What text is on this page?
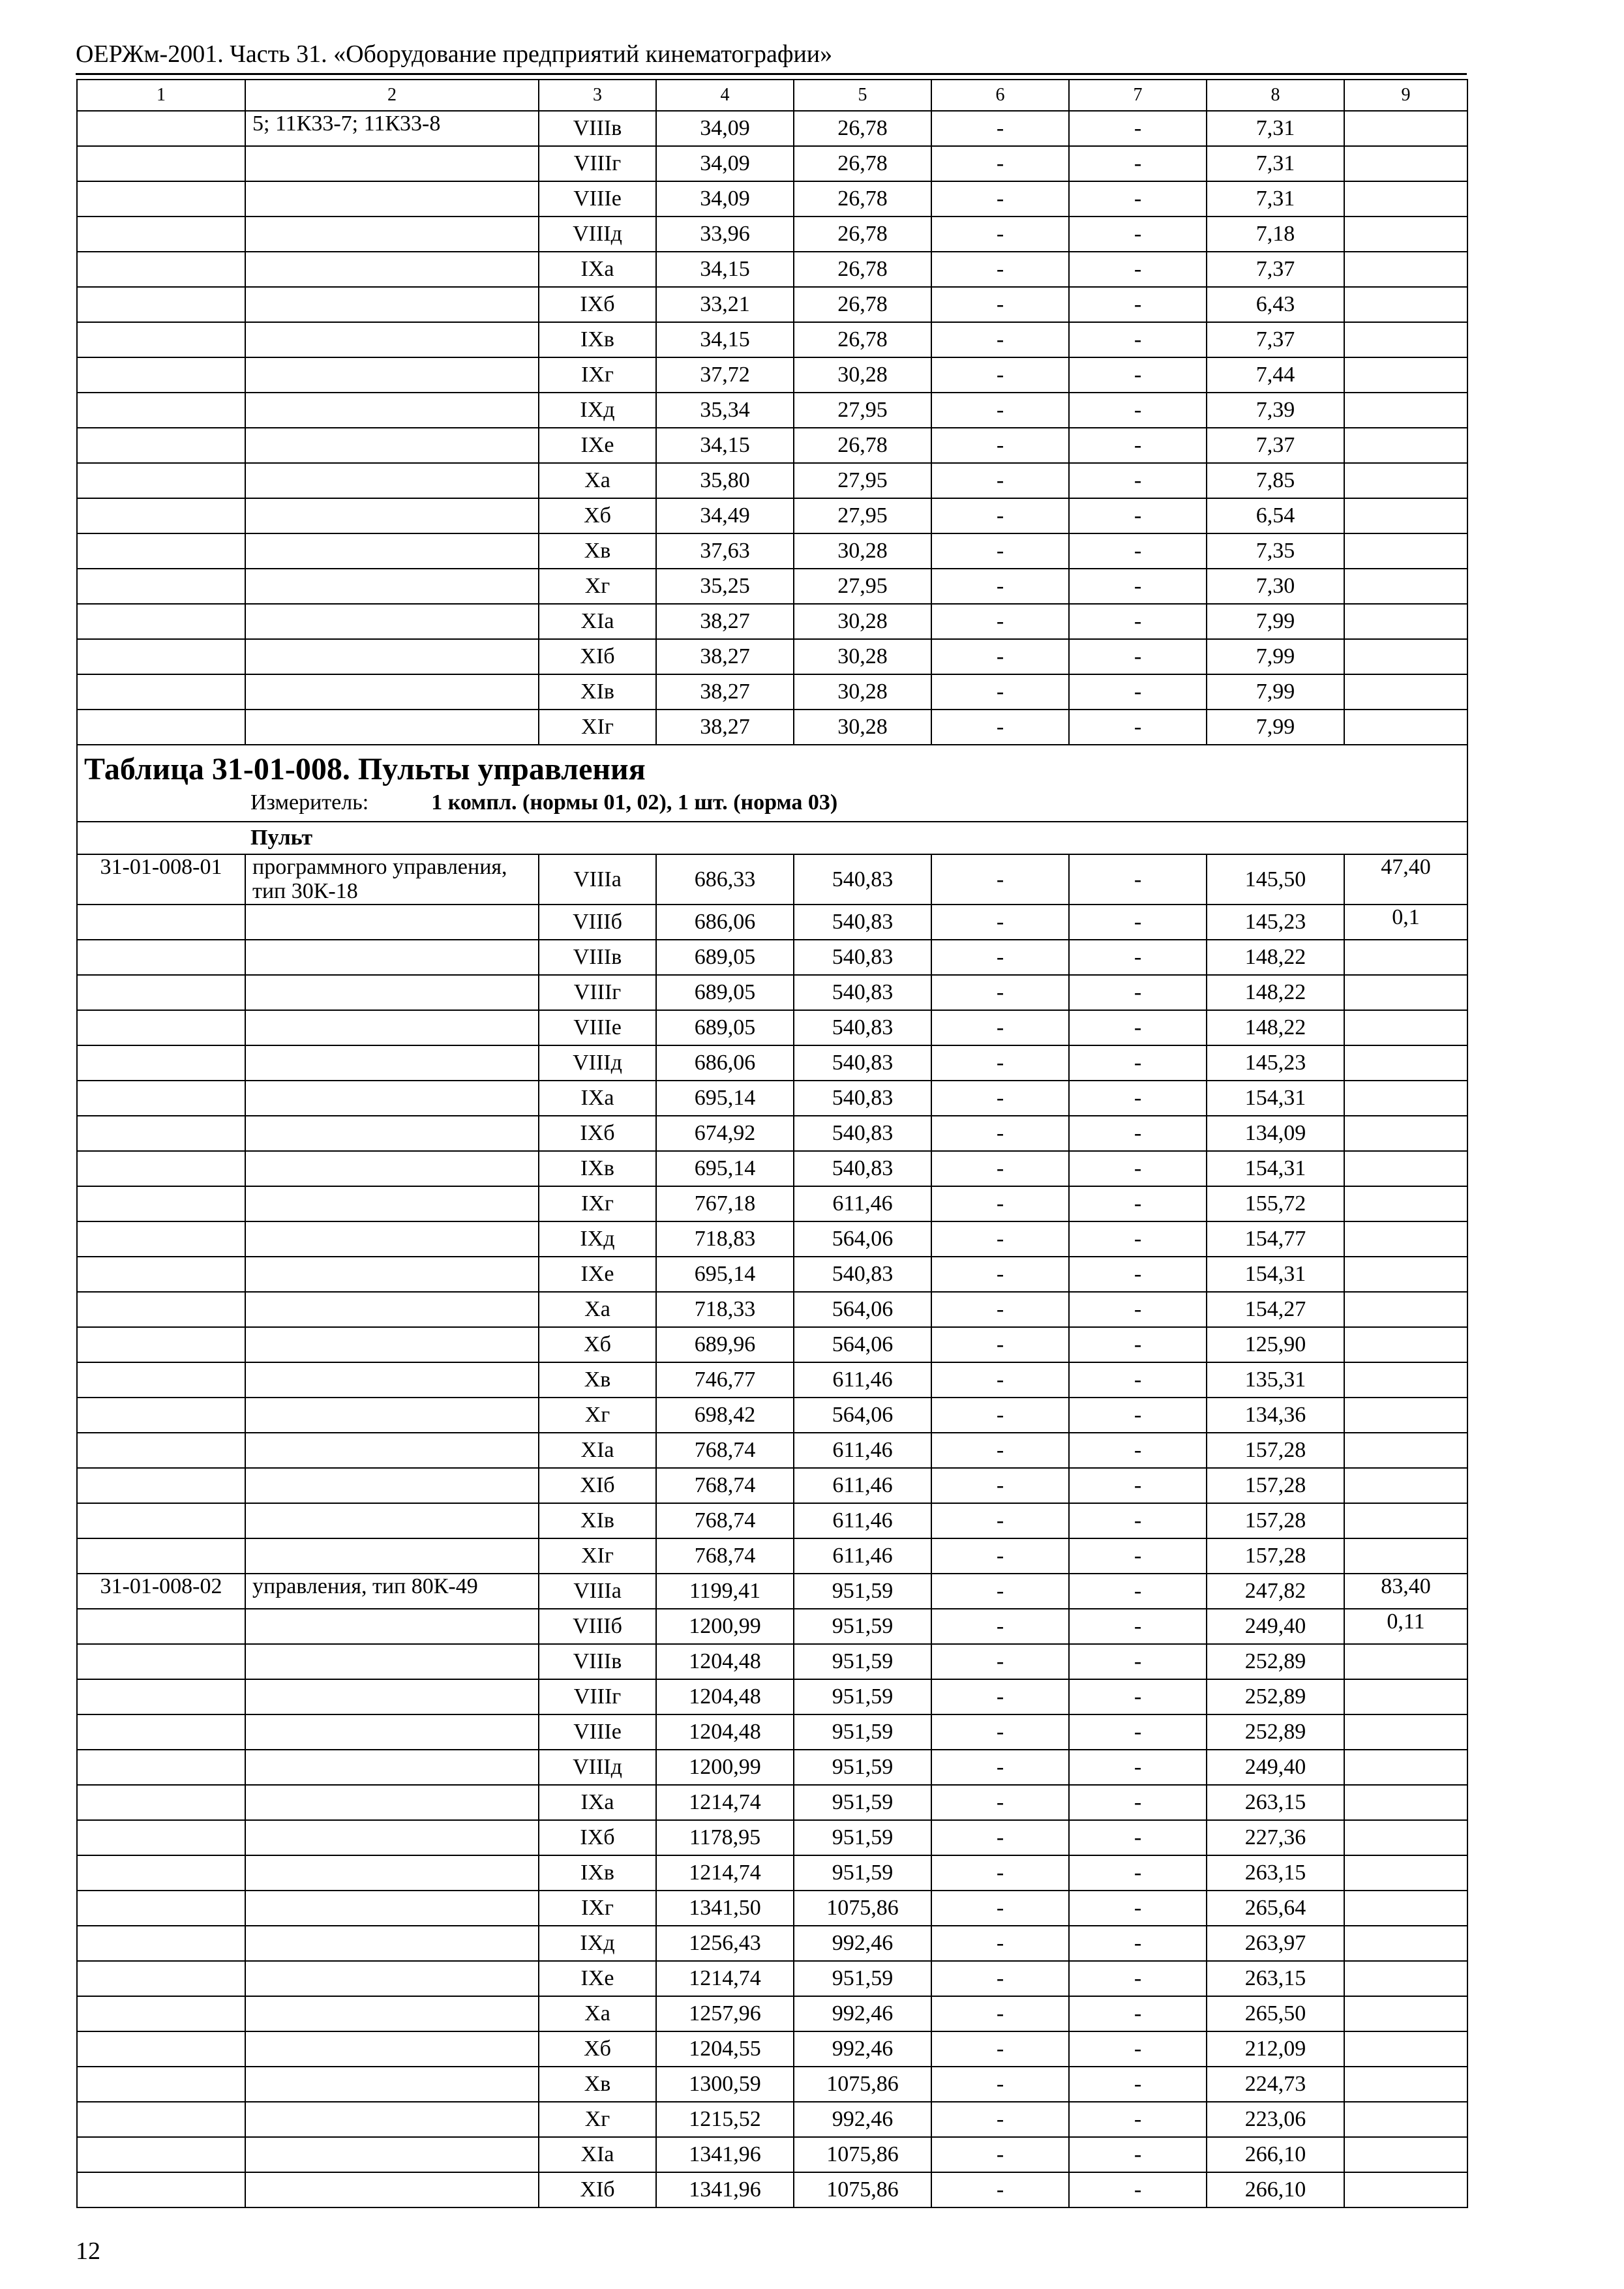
ОЕРЖм-2001. Часть 31. «Оборудование предприятий кинематографии»
1	2	3	4	5	6	7	8	9
	5; 11К33-7; 11К33-8	VIIIв	34,09	26,78	-	-	7,31	
		VIIIг	34,09	26,78	-	-	7,31	
		VIIIе	34,09	26,78	-	-	7,31	
		VIIIд	33,96	26,78	-	-	7,18	
		IXа	34,15	26,78	-	-	7,37	
		IXб	33,21	26,78	-	-	6,43	
		IXв	34,15	26,78	-	-	7,37	
		IXг	37,72	30,28	-	-	7,44	
		IXд	35,34	27,95	-	-	7,39	
		IXе	34,15	26,78	-	-	7,37	
		Xа	35,80	27,95	-	-	7,85	
		Xб	34,49	27,95	-	-	6,54	
		Xв	37,63	30,28	-	-	7,35	
		Xг	35,25	27,95	-	-	7,30	
		XIа	38,27	30,28	-	-	7,99	
		XIб	38,27	30,28	-	-	7,99	
		XIв	38,27	30,28	-	-	7,99	
		XIг	38,27	30,28	-	-	7,99	

Таблица 31-01-008. Пульты управления
Измеритель: 1 компл. (нормы 01, 02), 1 шт. (норма 03)								

Пульт								

31-01-008-01	программного управления, тип 30К-18	VIIIа	686,33	540,83	-	-	145,50	47,40
		VIIIб	686,06	540,83	-	-	145,23	0,1
		VIIIв	689,05	540,83	-	-	148,22	
		VIIIг	689,05	540,83	-	-	148,22	
		VIIIе	689,05	540,83	-	-	148,22	
		VIIIд	686,06	540,83	-	-	145,23	
		IXа	695,14	540,83	-	-	154,31	
		IXб	674,92	540,83	-	-	134,09	
		IXв	695,14	540,83	-	-	154,31	
		IXг	767,18	611,46	-	-	155,72	
		IXд	718,83	564,06	-	-	154,77	
		IXе	695,14	540,83	-	-	154,31	
		Xа	718,33	564,06	-	-	154,27	
		Xб	689,96	564,06	-	-	125,90	
		Xв	746,77	611,46	-	-	135,31	
		Xг	698,42	564,06	-	-	134,36	
		XIа	768,74	611,46	-	-	157,28	
		XIб	768,74	611,46	-	-	157,28	
		XIв	768,74	611,46	-	-	157,28	
		XIг	768,74	611,46	-	-	157,28	
31-01-008-02	управления, тип 80К-49	VIIIа	1199,41	951,59	-	-	247,82	83,40
		VIIIб	1200,99	951,59	-	-	249,40	0,11
		VIIIв	1204,48	951,59	-	-	252,89	
		VIIIг	1204,48	951,59	-	-	252,89	
		VIIIе	1204,48	951,59	-	-	252,89	
		VIIIд	1200,99	951,59	-	-	249,40	
		IXа	1214,74	951,59	-	-	263,15	
		IXб	1178,95	951,59	-	-	227,36	
		IXв	1214,74	951,59	-	-	263,15	
		IXг	1341,50	1075,86	-	-	265,64	
		IXд	1256,43	992,46	-	-	263,97	
		IXе	1214,74	951,59	-	-	263,15	
		Xа	1257,96	992,46	-	-	265,50	
		Xб	1204,55	992,46	-	-	212,09	
		Xв	1300,59	1075,86	-	-	224,73	
		Xг	1215,52	992,46	-	-	223,06	
		XIа	1341,96	1075,86	-	-	266,10	
		XIб	1341,96	1075,86	-	-	266,10	
12
